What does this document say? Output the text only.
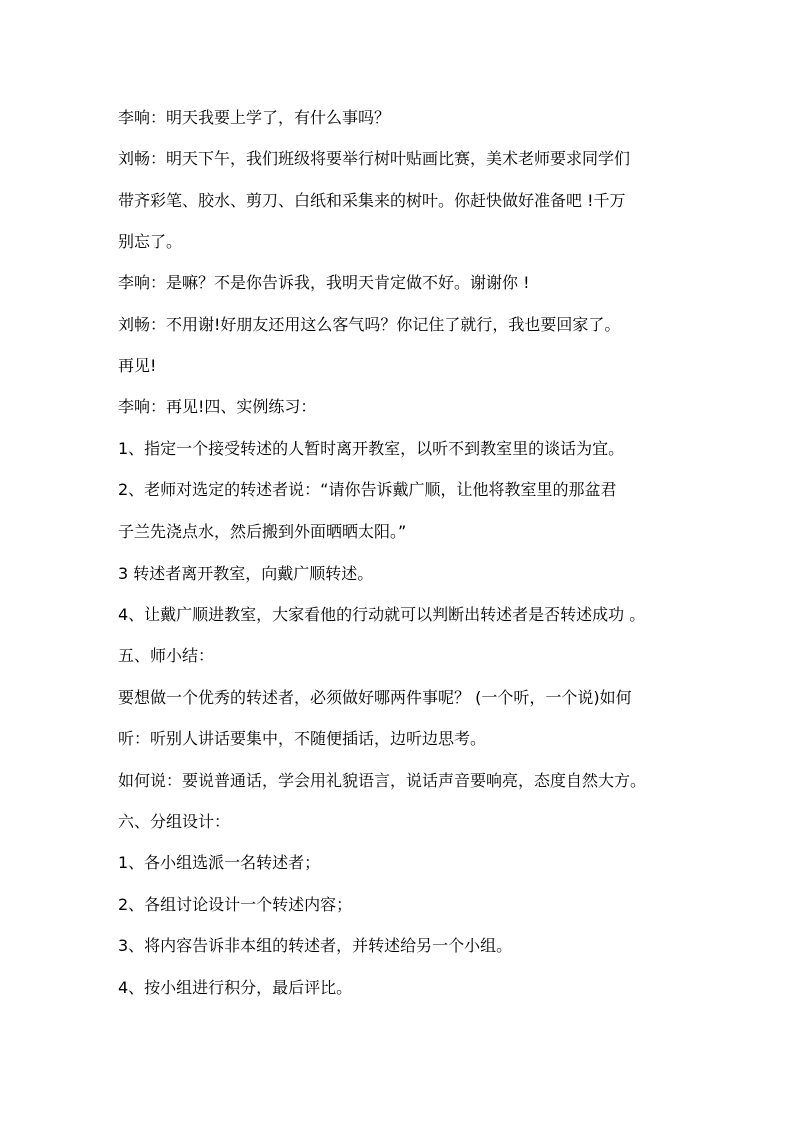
李响：明天我要上学了，有什么事吗？

刘畅：明天下午，我们班级将要举行树叶贴画比赛，美术老师要求同学们

带齐彩笔、胶水、剪刀、白纸和采集来的树叶。你赶快做好准备吧 !千万

别忘了。

李响：是嘛？不是你告诉我，我明天肯定做不好。谢谢你 !

刘畅：不用谢!好朋友还用这么客气吗？你记住了就行，我也要回家了。

再见!

李响：再见!四、实例练习：

1、指定一个接受转述的人暂时离开教室，以听不到教室里的谈话为宜。

2、老师对选定的转述者说：“请你告诉戴广顺，让他将教室里的那盆君

子兰先浇点水，然后搬到外面晒晒太阳。”

3 转述者离开教室，向戴广顺转述。

4、让戴广顺进教室，大家看他的行动就可以判断出转述者是否转述成功 。

五、师小结：

要想做一个优秀的转述者，必须做好哪两件事呢？ (一个听，一个说)如何

听：听别人讲话要集中，不随便插话，边听边思考。

如何说：要说普通话，学会用礼貌语言，说话声音要响亮，态度自然大方。

六、分组设计：

1、各小组选派一名转述者；

2、各组讨论设计一个转述内容；

3、将内容告诉非本组的转述者，并转述给另一个小组。

4、按小组进行积分，最后评比。
